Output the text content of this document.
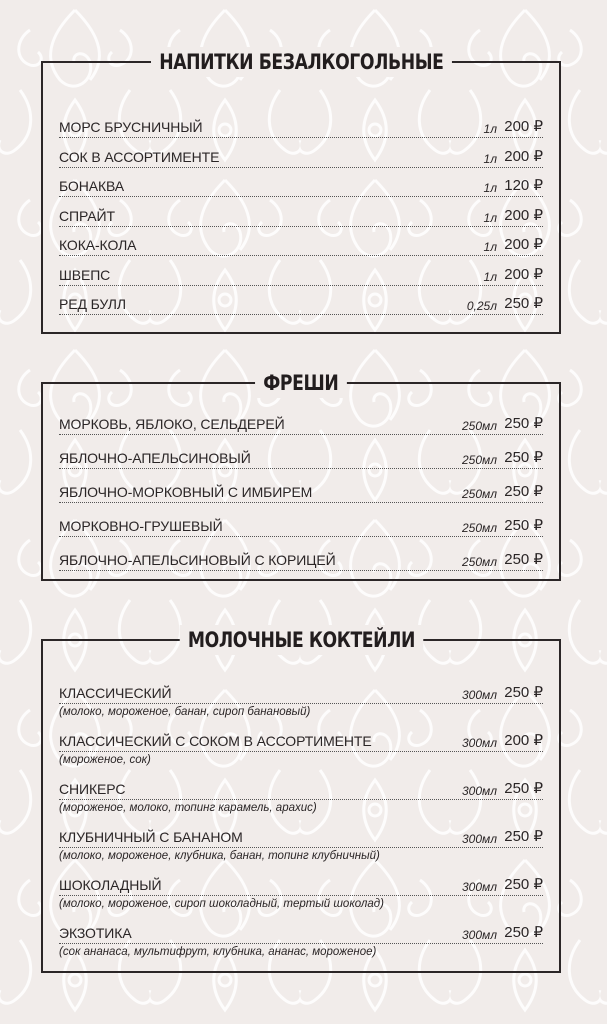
НАПИТКИ БЕЗАЛКОГОЛЬНЫЕ
МОРС БРУСНИЧНЫЙ	1л 200 ₽
СОК В АССОРТИМЕНТЕ	1л 200 ₽
БОНАКВА	1л 120 ₽
СПРАЙТ	1л 200 ₽
КОКА-КОЛА	1л 200 ₽
ШВЕПС	1л 200 ₽
РЕД БУЛЛ	0,25л 250 ₽
ФРЕШИ
МОРКОВЬ, ЯБЛОКО, СЕЛЬДЕРЕЙ	250мл 250 ₽
ЯБЛОЧНО-АПЕЛЬСИНОВЫЙ	250мл 250 ₽
ЯБЛОЧНО-МОРКОВНЫЙ С ИМБИРЕМ	250мл 250 ₽
МОРКОВНО-ГРУШЕВЫЙ	250мл 250 ₽
ЯБЛОЧНО-АПЕЛЬСИНОВЫЙ С КОРИЦЕЙ	250мл 250 ₽
МОЛОЧНЫЕ КОКТЕЙЛИ
КЛАССИЧЕСКИЙ	300мл 250 ₽
(молоко, мороженое, банан, сироп банановый)
КЛАССИЧЕСКИЙ С СОКОМ В АССОРТИМЕНТЕ	300мл 200 ₽
(мороженое, сок)
СНИКЕРС	300мл 250 ₽
(мороженое, молоко, топинг карамель, арахис)
КЛУБНИЧНЫЙ С БАНАНОМ	300мл 250 ₽
(молоко, мороженое, клубника, банан, топинг клубничный)
ШОКОЛАДНЫЙ	300мл 250 ₽
(молоко, мороженое, сироп шоколадный, тертый шоколад)
ЭКЗОТИКА	300мл 250 ₽
(сок ананаса, мультифрут, клубника, ананас, мороженое)
